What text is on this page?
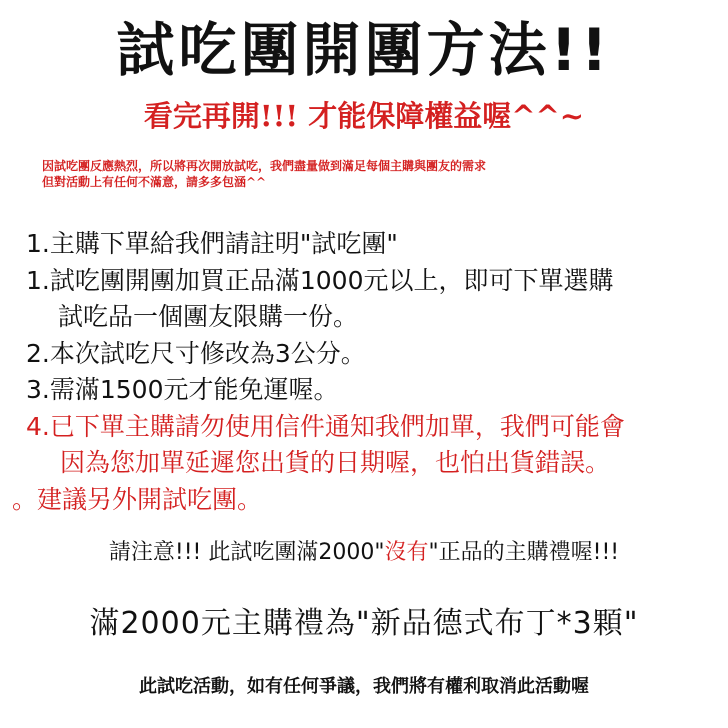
試吃團開團方法!!
看完再開!!! 才能保障權益喔^^~
因試吃團反應熱烈，所以將再次開放試吃，我們盡量做到滿足每個主購與團友的需求
但對活動上有任何不滿意，請多多包涵^^
1.主購下單給我們請註明"試吃團"
1.試吃團開團加買正品滿1000元以上，即可下單選購
試吃品一個團友限購一份。
2.本次試吃尺寸修改為3公分。
3.需滿1500元才能免運喔。
4.已下單主購請勿使用信件通知我們加單，我們可能會
因為您加單延遲您出貨的日期喔，也怕出貨錯誤。
。建議另外開試吃團。
請注意!!! 此試吃團滿2000"沒有"正品的主購禮喔!!!
滿2000元主購禮為"新品德式布丁*3顆"
此試吃活動，如有任何爭議，我們將有權利取消此活動喔
